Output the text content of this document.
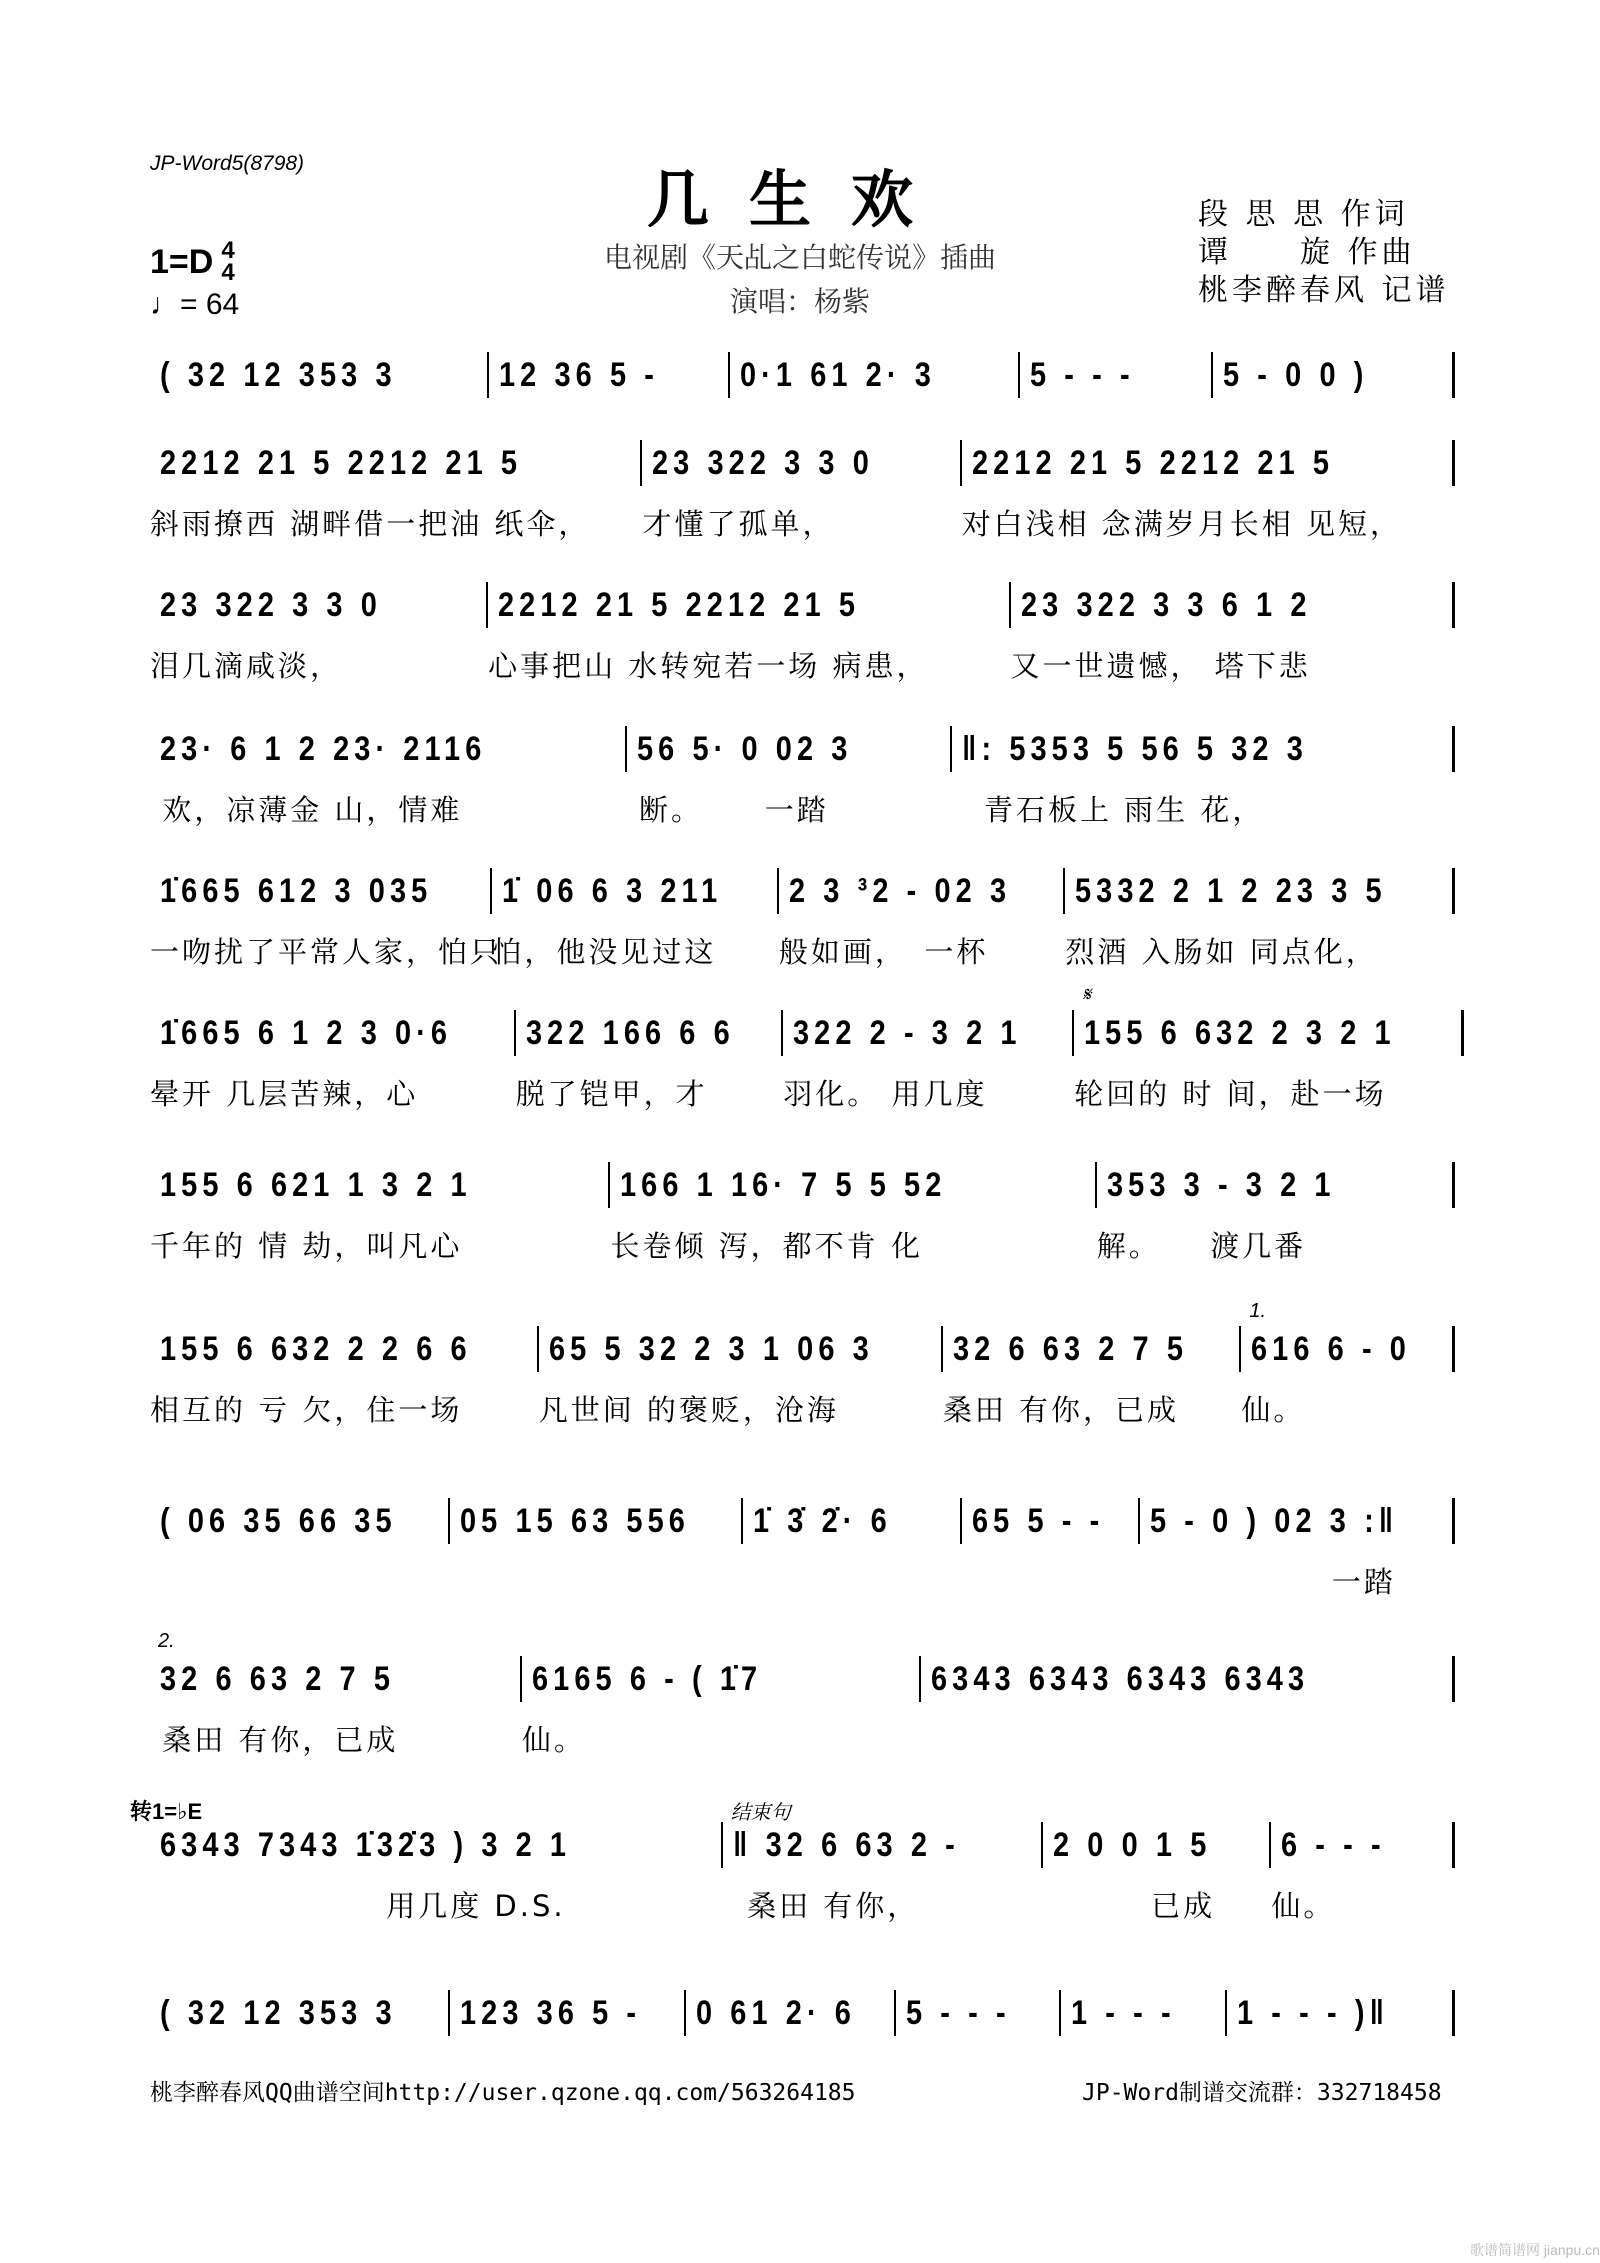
JP-Word5(8798)	几生欢
电视剧《天乩之白蛇传说》插曲
演唱：杨紫
1=D 4
4
♩= 64
段 思 思 作词
谭　　旋 作曲
桃李醉春风 记谱
转1=♭E
( 32 12 353 3	12 36 5 -	0·1 61 2· 3	5 - - -	5 - 0 0 )
2212 21 5 2212 21 5
斜雨撩西 湖畔借一把油 纸伞，
23 322 3 3 0
才懂了孤单，
2212 21 5 2212 21 5
对白浅相 念满岁月长相 见短，
23 322 3 3 0
泪几滴咸淡，
2212 21 5 2212 21 5
心事把山 水转宛若一场 病患，
23 322 3 3 6 1 2
又一世遗憾， 塔下悲
23· 6 1 2 23· 2116
欢，凉薄金 山，情难
56 5· 0 02 3
断。　　 一踏
‖: 5353 5 56 5 32 3
　青石板上 雨生 花，
1̇665 612 3 035
一吻扰了平常人家，怕只
1̇ 06 6 3 211
怕，他没见过这
2 3 ³2 - 02 3
般如画，　一杯
5332 2 1 2 23 3 5
烈酒 入肠如 同点化，
1̇665 6 1 2 3 0·6
晕开 几层苦辣，心
322 166 6 6
脱了铠甲，才
322 2 - 3 2 1
羽化。 用几度
155 6 632 2 3 2 1
轮回的 时 间，赴一场
𝄋
155 6 621 1 3 2 1
千年的 情 劫，叫凡心
166 1 16· 7 5 5 52
长卷倾 泻，都不肯 化
353 3 - 3 2 1
解。　　渡几番
155 6 632 2 2 6 6
相互的 亏 欠，住一场
65 5 32 2 3 1 06 3
凡世间 的褒贬，沧海
32 6 63 2 7 5
桑田 有你，已成
616 6 - 0
仙。
1.
( 06 35 66 35 05 15 63 556 1̇ 3̇ 2̇· 6	65 5 - - 5 - 0 ) 02 3 :‖
　　　　　　一踏
32 6 63 2 7 5
桑田 有你，已成
2.
6165 6 - ( 1̇7
仙。
6343 6343 6343 6343
6343 7343 1̇32̇3 ) 3 2 1
　　　　　　　 用几度 D.S.
‖ 32 6 63 2 -
桑田 有你，
结束句
2 0 0 1 5
　　　 已成
6 - - -
仙。
( 32 12 353 3 123 36 5 - 0 61 2· 6 5 - - -	1 - - -	1 - - - )‖
桃李醉春风QQ曲谱空间http://user.qzone.qq.com/563264185	JP-Word制谱交流群：332718458
歌谱简谱网 jianpu.cn
